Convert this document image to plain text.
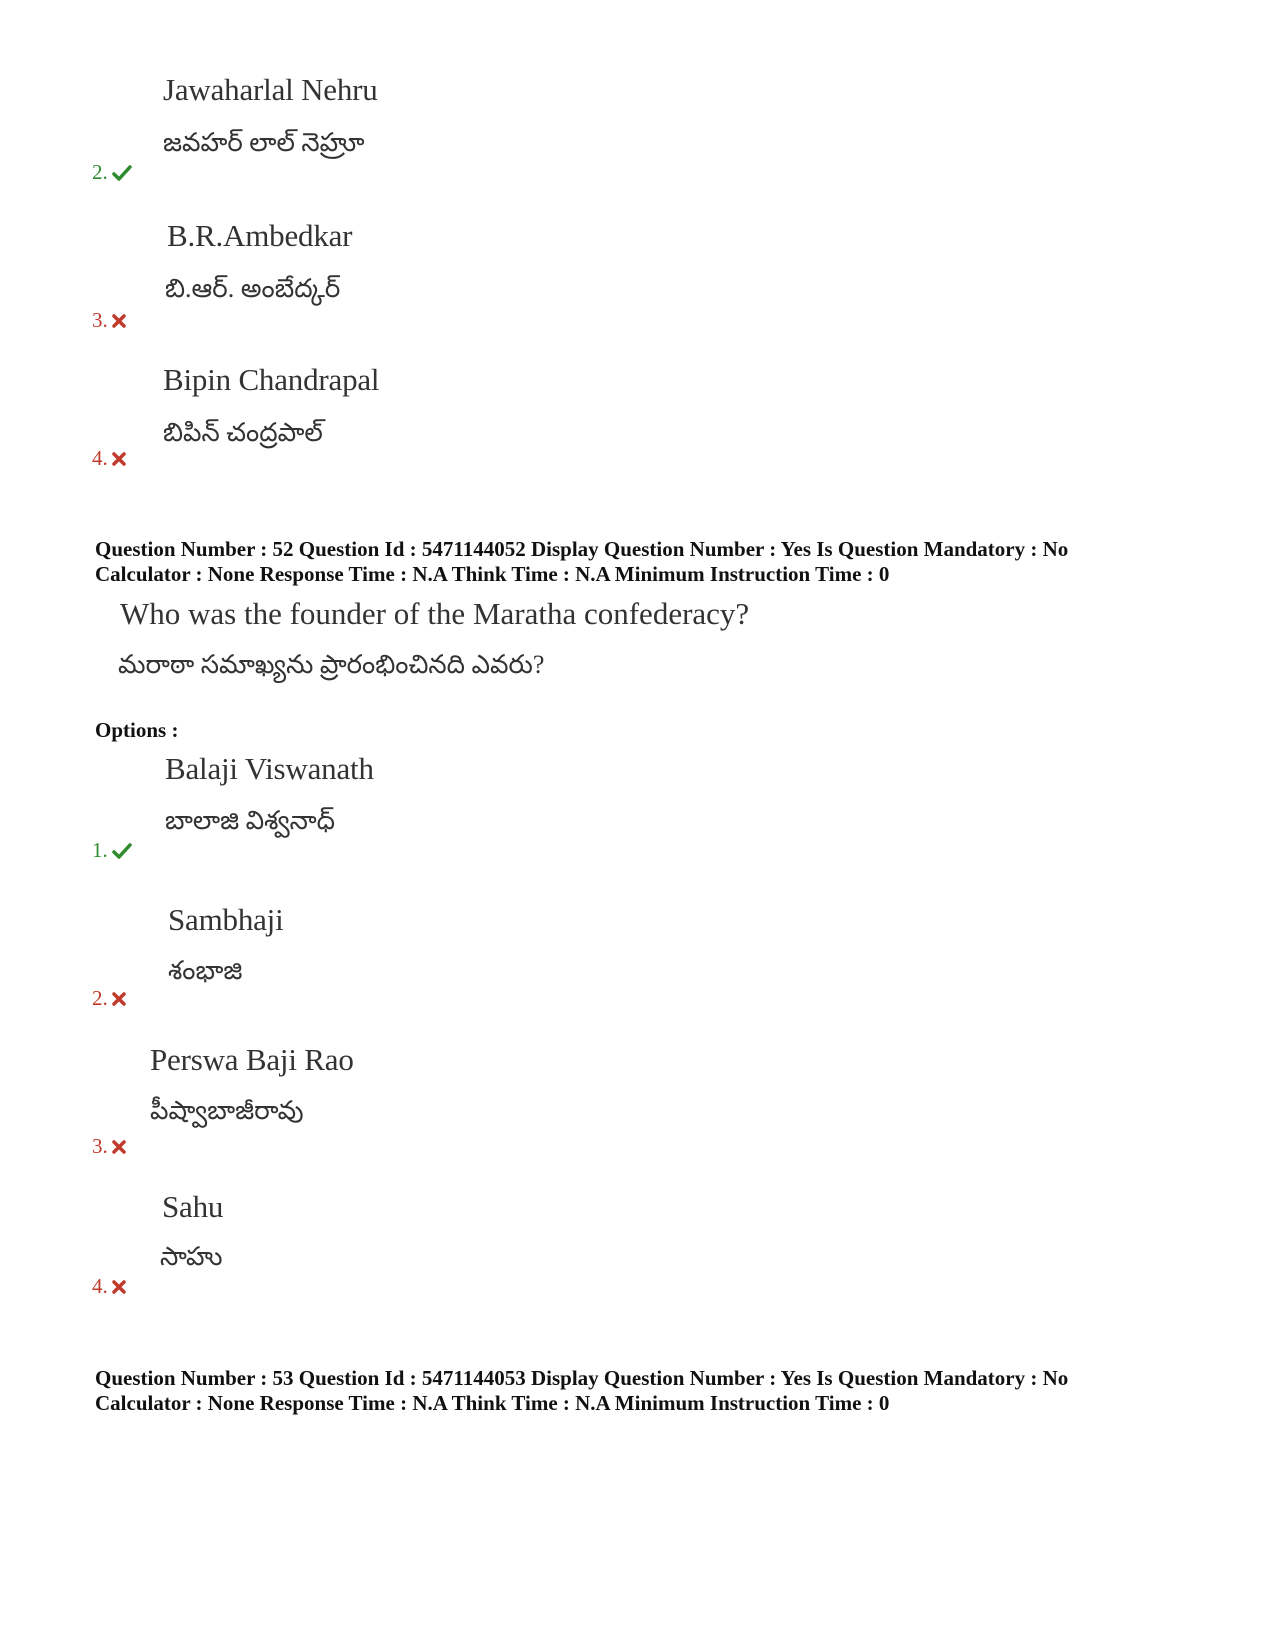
Jawaharlal Nehru
జవహర్ లాల్ నెహ్రూ
2.
B.R.Ambedkar
బి.ఆర్. అంబేద్కర్
3.
Bipin Chandrapal
బిపిన్ చంద్రపాల్
4.
Question Number : 52 Question Id : 5471144052 Display Question Number : Yes Is Question Mandatory : No
Calculator : None Response Time : N.A Think Time : N.A Minimum Instruction Time : 0
Who was the founder of the Maratha confederacy?
మరాఠా సమాఖ్యను ప్రారంభించినది ఎవరు?
Options :
Balaji Viswanath
బాలాజి విశ్వనాధ్
1.
Sambhaji
శంభాజి
2.
Perswa Baji Rao
పీష్వాబాజీరావు
3.
Sahu
సాహు
4.
Question Number : 53 Question Id : 5471144053 Display Question Number : Yes Is Question Mandatory : No
Calculator : None Response Time : N.A Think Time : N.A Minimum Instruction Time : 0
